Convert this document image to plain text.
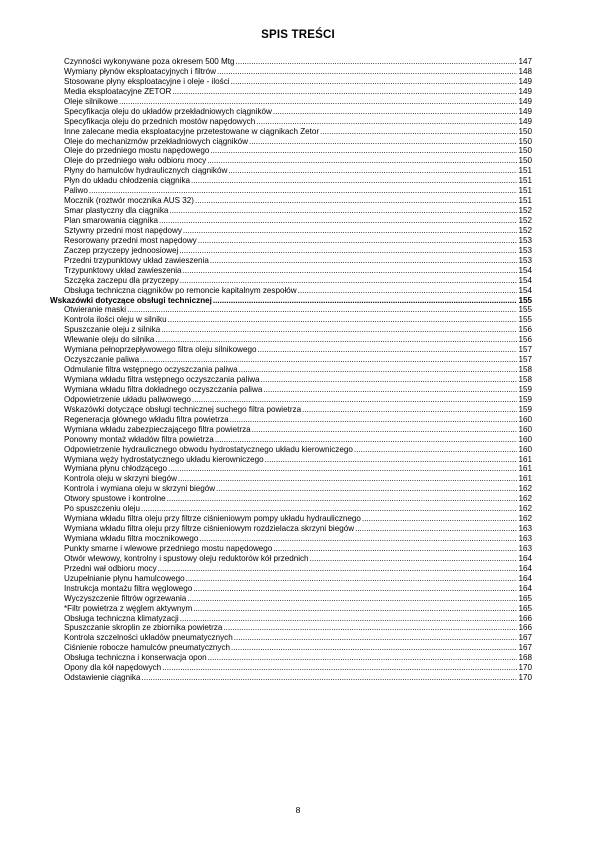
SPIS TREŚCI
Czynności wykonywane poza okresem 500 Mtg .....	147
Wymiany płynów eksploatacyjnych i filtrów .....	148
Stosowane płyny eksploatacyjne i oleje - ilości .....	149
Media eksploatacyjne ZETOR .....	149
Oleje silnikowe .....	149
Specyfikacja oleju do układów przekładniowych ciągników .....	149
Specyfikacja oleju do przednich mostów napędowych .....	149
Inne zalecane media eksploatacyjne przetestowane w ciągnikach Zetor .....	150
Oleje do mechanizmów przekładniowych ciągników .....	150
Oleje do przedniego mostu napędowego .....	150
Oleje do przedniego wału odbioru mocy .....	150
Płyny do hamulców hydraulicznych ciągników .....	151
Płyn do układu chłodzenia ciągnika .....	151
Paliwo .....	151
Mocznik (roztwór mocznika AUS 32) .....	151
Smar plastyczny dla ciągnika .....	152
Plan smarowania ciągnika .....	152
Sztywny przedni most napędowy .....	152
Resorowany przedni most napędowy .....	153
Zaczep przyczepy jednoosiowej .....	153
Przedni trzypunktowy układ zawieszenia .....	153
Trzypunktowy układ zawieszenia .....	154
Szczęka zaczepu dla przyczepy .....	154
Obsługa techniczna ciągników po remoncie kapitalnym zespołów .....	154
Wskazówki dotyczące obsługi technicznej .....	155
Otwieranie maski .....	155
Kontrola ilości oleju w silniku .....	155
Spuszczanie oleju z silnika .....	156
Wlewanie oleju do silnika .....	156
Wymiana pełnoprzepływowego filtra oleju silnikowego .....	157
Oczyszczanie paliwa .....	157
Odmulanie filtra wstępnego oczyszczania paliwa .....	158
Wymiana wkładu filtra wstępnego oczyszczania paliwa .....	158
Wymiana wkładu filtra dokładnego oczyszczania paliwa .....	159
Odpowietrzenie układu paliwowego .....	159
Wskazówki dotyczące obsługi technicznej suchego filtra powietrza .....	159
Regeneracja głównego wkładu filtra powietrza .....	160
Wymiana wkładu zabezpieczającego filtra powietrza .....	160
Ponowny montaż wkładów filtra powietrza .....	160
Odpowietrzenie hydraulicznego obwodu hydrostatycznego układu kierowniczego .....	160
Wymiana węży hydrostatycznego układu kierowniczego .....	161
Wymiana płynu chłodzącego .....	161
Kontrola oleju w skrzyni biegów .....	161
Kontrola i wymiana oleju w skrzyni biegów .....	162
Otwory spustowe i kontrolne .....	162
Po spuszczeniu oleju .....	162
Wymiana wkładu filtra oleju przy filtrze ciśnieniowym pompy układu hydraulicznego .....	162
Wymiana wkładu filtra oleju przy filtrze ciśnieniowym rozdzielacza skrzyni biegów .....	163
Wymiana wkładu filtra mocznikowego .....	163
Punkty smarne i wlewowe przedniego mostu napędowego .....	163
Otwór wlewowy, kontrolny i spustowy oleju reduktorów kół przednich .....	164
Przedni wał odbioru mocy .....	164
Uzupełnianie płynu hamulcowego .....	164
Instrukcja montażu filtra węglowego .....	164
Wyczyszczenie filtrów ogrzewania .....	165
*Filtr powietrza z węglem aktywnym .....	165
Obsługa techniczna klimatyzacji .....	166
Spuszczanie skroplin ze zbiornika powietrza .....	166
Kontrola szczelności układów pneumatycznych .....	167
Ciśnienie robocze hamulców pneumatycznych .....	167
Obsługa techniczna i konserwacja opon .....	168
Opony dla kół napędowych .....	170
Odstawienie ciągnika .....	170
8
